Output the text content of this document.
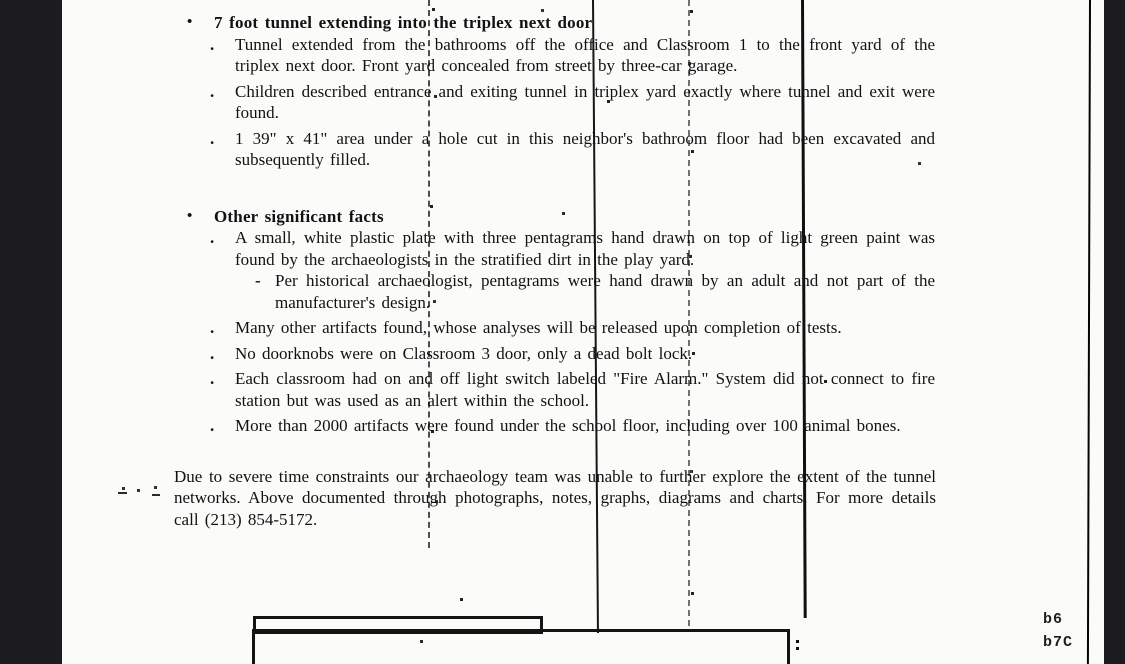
•	7 foot tunnel extending into the triplex next door
.	Tunnel extended from the bathrooms off the office and Classroom 1 to the front yard of the triplex next door. Front yard concealed from street by three-car garage.
.	Children described entrance and exiting tunnel in triplex yard exactly where tunnel and exit were found.
.	1 39" x 41" area under a hole cut in this neighbor's bathroom floor had been excavated and subsequently filled.
•	Other significant facts
.	A small, white plastic plate with three pentagrams hand drawn on top of light green paint was found by the archaeologists in the stratified dirt in the play yard.
- Per historical archaeologist, pentagrams were hand drawn by an adult and not part of the manufacturer's design.
.	Many other artifacts found, whose analyses will be released upon completion of tests.
.	No doorknobs were on Classroom 3 door, only a dead bolt lock.
.	Each classroom had on and off light switch labeled "Fire Alarm." System did not connect to fire station but was used as an alert within the school.
.	More than 2000 artifacts were found under the school floor, including over 100 animal bones.
Due to severe time constraints our archaeology team was unable to further explore the extent of the tunnel networks. Above documented through photographs, notes, graphs, diagrams and charts. For more details call (213) 854-5172.
b6
b7C
